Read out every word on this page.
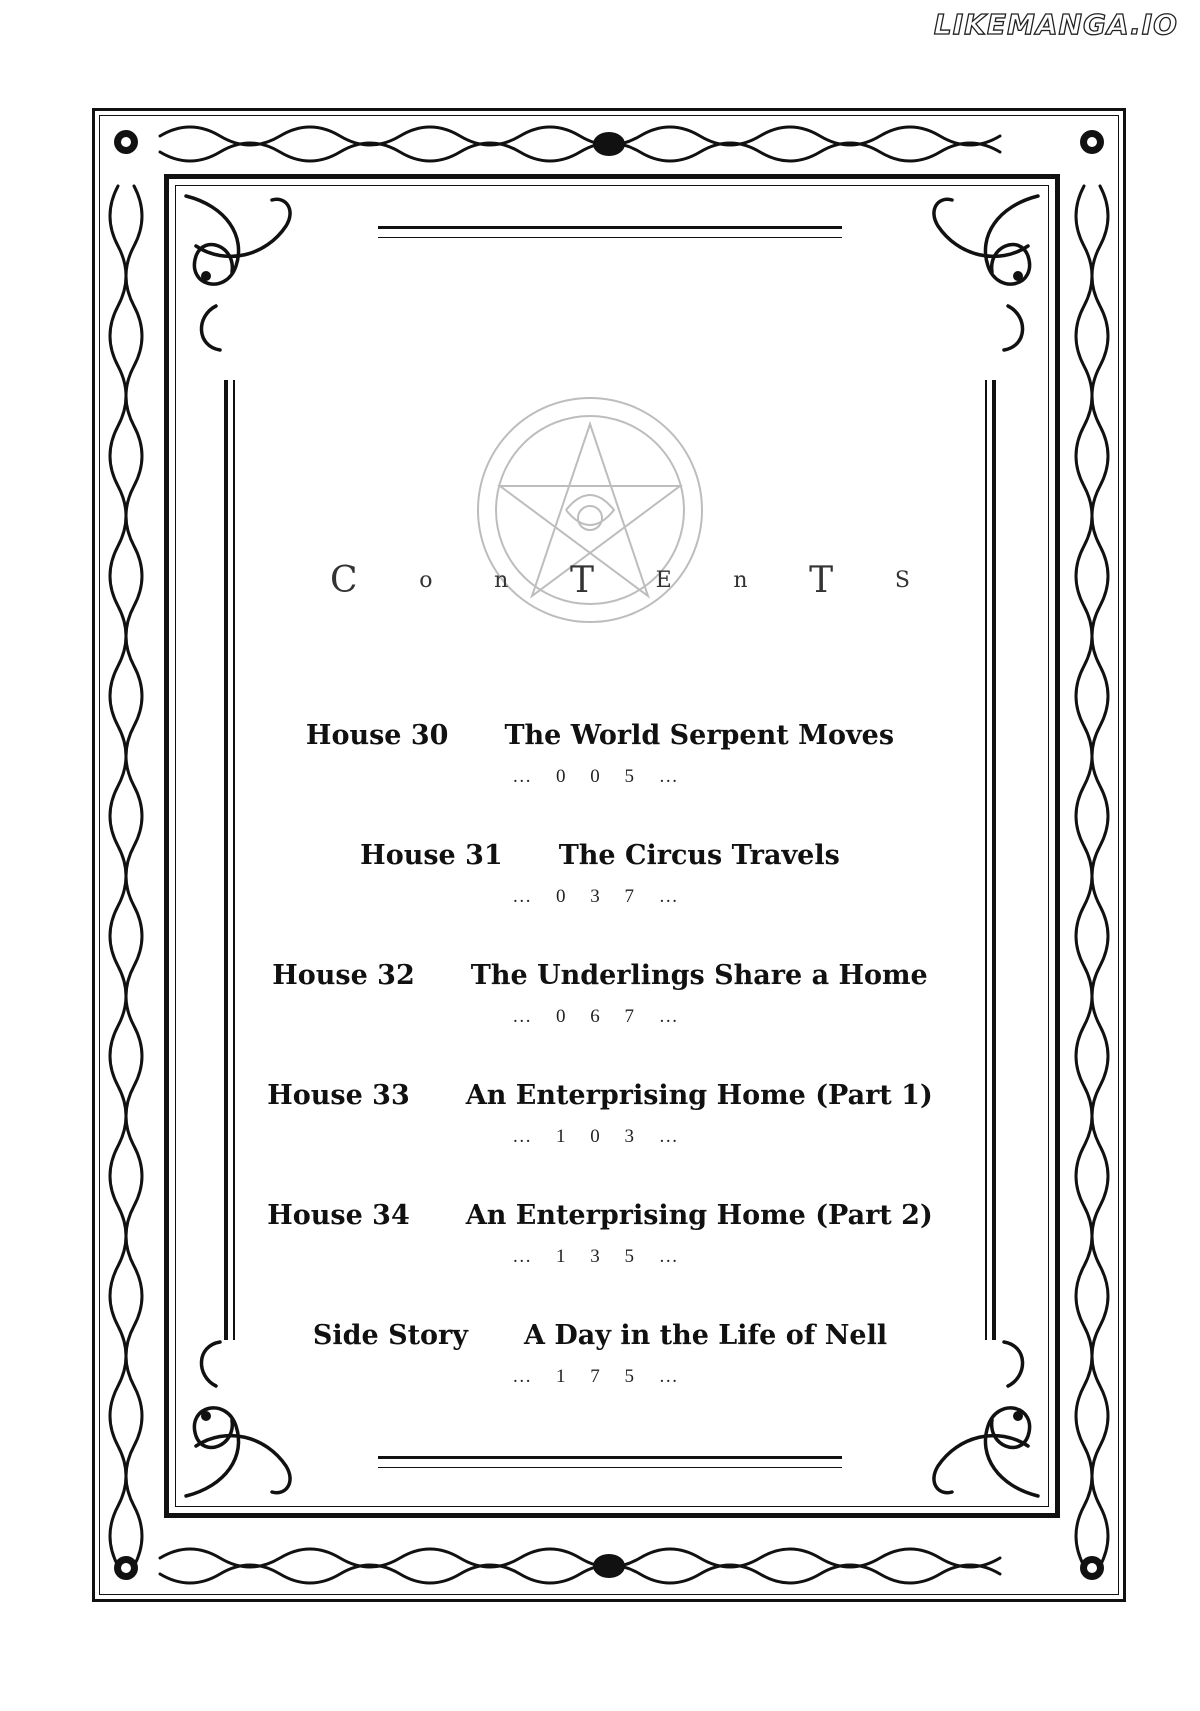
LIKEMANGA.IO
C	o	n T	E	n T	S
House 30 The World Serpent Moves
… 0 0 5 …
House 31 The Circus Travels
… 0 3 7 …
House 32 The Underlings Share a Home
… 0 6 7 …
House 33 An Enterprising Home (Part 1)
… 1 0 3 …
House 34 An Enterprising Home (Part 2)
… 1 3 5 …
Side Story A Day in the Life of Nell
… 1 7 5 …
